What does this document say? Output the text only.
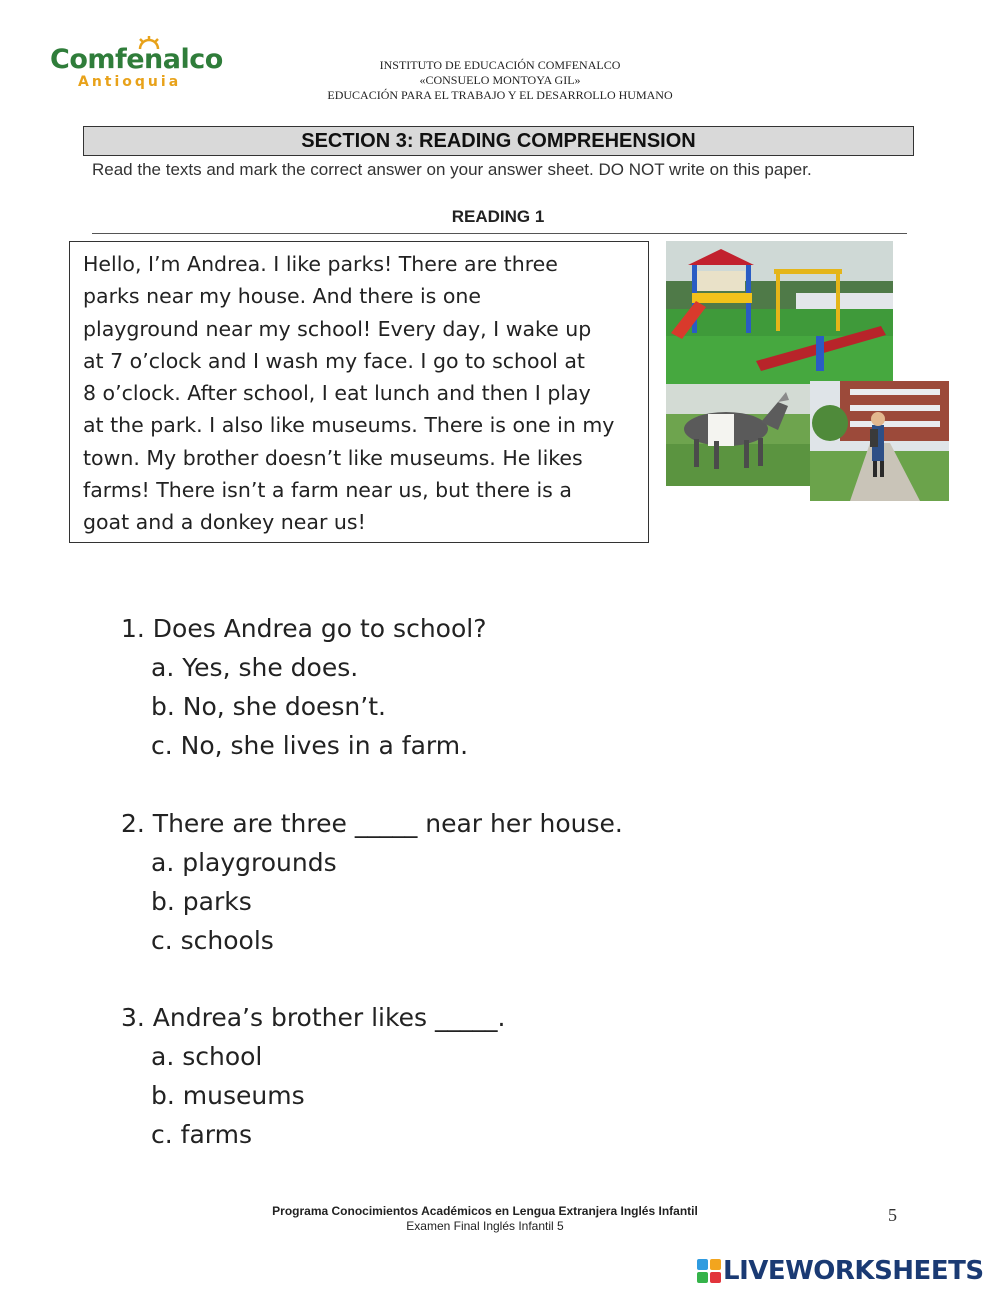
Comfenalco
Antioquia
INSTITUTO DE EDUCACIÓN COMFENALCO
«CONSUELO MONTOYA GIL»
EDUCACIÓN PARA EL TRABAJO Y EL DESARROLLO HUMANO
SECTION 3: READING COMPREHENSION
Read the texts and mark the correct answer on your answer sheet. DO NOT write on this paper.
READING 1
Hello, I’m Andrea. I like parks! There are three
parks near my house. And there is one
playground near my school! Every day, I wake up
at 7 o’clock and I wash my face. I go to school at
8 o’clock. After school, I eat lunch and then I play
at the park. I also like museums. There is one in my
town. My brother doesn’t like museums. He likes
farms! There isn’t a farm near us, but there is a
goat and a donkey near us!
1. Does Andrea go to school?
a. Yes, she does.
b. No, she doesn’t.
c. No, she lives in a farm.
2. There are three _____ near her house.
a. playgrounds
b. parks
c. schools
3. Andrea’s brother likes _____.
a. school
b. museums
c. farms
Programa Conocimientos Académicos en Lengua Extranjera Inglés Infantil
Examen Final Inglés Infantil 5
5
LIVEWORKSHEETS
